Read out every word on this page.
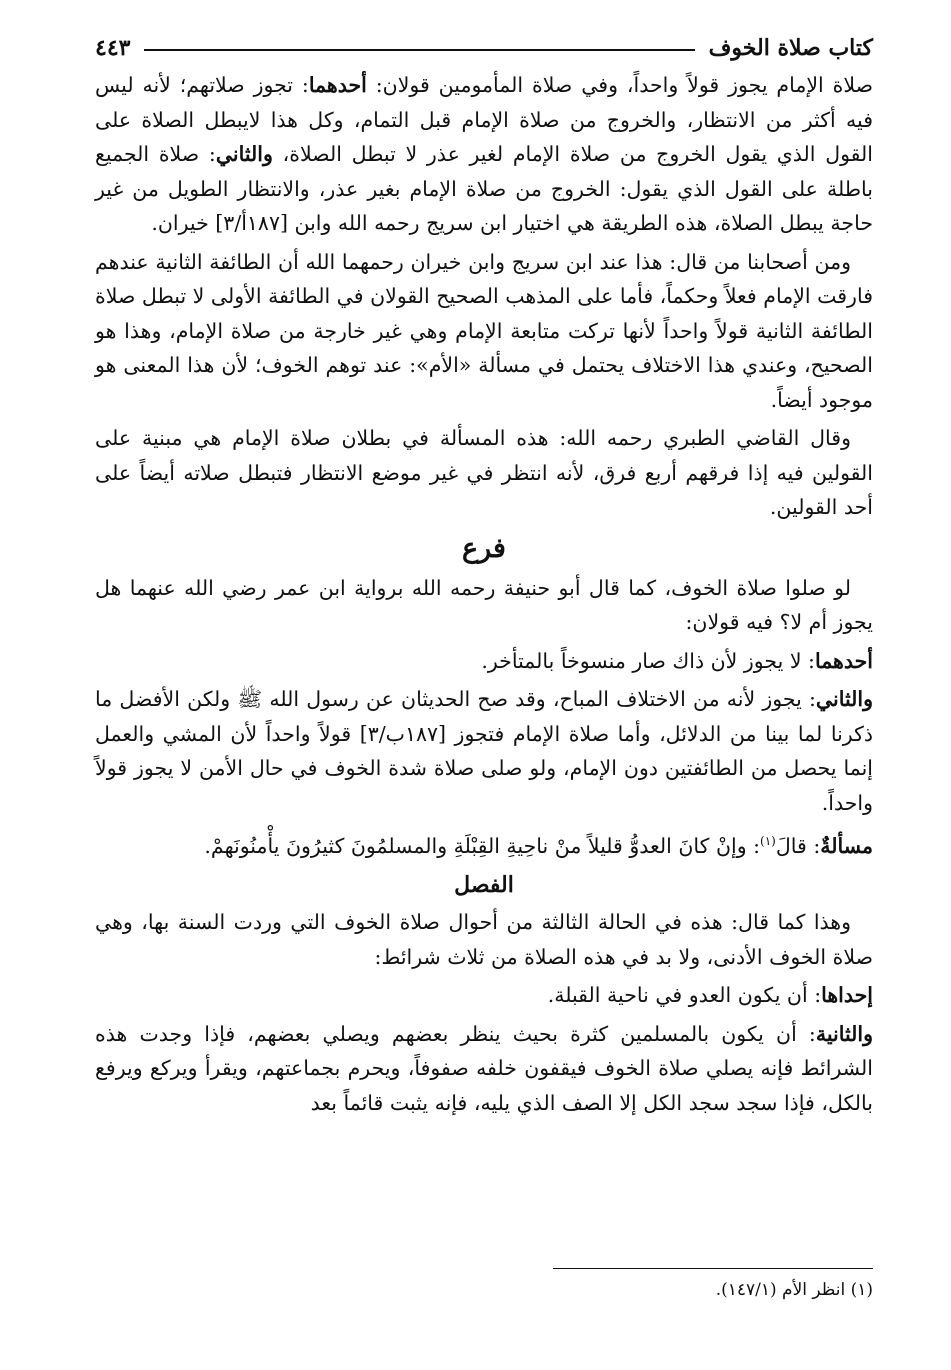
كتاب صلاة الخوف
٤٤٣

صلاة الإمام يجوز قولاً واحداً، وفي صلاة المأمومين قولان: أحدهما: تجوز صلاتهم؛ لأنه ليس فيه أكثر من الانتظار، والخروج من صلاة الإمام قبل التمام، وكل هذا لايبطل الصلاة على القول الذي يقول الخروج من صلاة الإمام لغير عذر لا تبطل الصلاة، والثاني: صلاة الجميع باطلة على القول الذي يقول: الخروج من صلاة الإمام بغير عذر، والانتظار الطويل من غير حاجة يبطل الصلاة، هذه الطريقة هي اختيار ابن سريج رحمه الله وابن [١٨٧أ/٣] خيران.

ومن أصحابنا من قال: هذا عند ابن سريج وابن خيران رحمهما الله أن الطائفة الثانية عندهم فارقت الإمام فعلاً وحكماً، فأما على المذهب الصحيح القولان في الطائفة الأولى لا تبطل صلاة الطائفة الثانية قولاً واحداً لأنها تركت متابعة الإمام وهي غير خارجة من صلاة الإمام، وهذا هو الصحيح، وعندي هذا الاختلاف يحتمل في مسألة «الأم»: عند توهم الخوف؛ لأن هذا المعنى هو موجود أيضاً.

وقال القاضي الطبري رحمه الله: هذه المسألة في بطلان صلاة الإمام هي مبنية على القولين فيه إذا فرقهم أربع فرق، لأنه انتظر في غير موضع الانتظار فتبطل صلاته أيضاً على أحد القولين.

فرع

لو صلوا صلاة الخوف، كما قال أبو حنيفة رحمه الله برواية ابن عمر رضي الله عنهما هل يجوز أم لا؟ فيه قولان:

أحدهما: لا يجوز لأن ذاك صار منسوخاً بالمتأخر.

والثاني: يجوز لأنه من الاختلاف المباح، وقد صح الحديثان عن رسول الله ﷺ ولكن الأفضل ما ذكرنا لما بينا من الدلائل، وأما صلاة الإمام فتجوز [١٨٧ب/٣] قولاً واحداً لأن المشي والعمل إنما يحصل من الطائفتين دون الإمام، ولو صلى صلاة شدة الخوف في حال الأمن لا يجوز قولاً واحداً.

مسألةٌ: قالَ$^{(١)}$: وإنْ كانَ العدوُّ قليلاً منْ ناحِيةِ القِبْلَةِ والمسلمُونَ كثيرُونَ يأْمنُونَهمْ.

الفصل

وهذا كما قال: هذه في الحالة الثالثة من أحوال صلاة الخوف التي وردت السنة بها، وهي صلاة الخوف الأدنى، ولا بد في هذه الصلاة من ثلاث شرائط:

إحداها: أن يكون العدو في ناحية القبلة.

والثانية: أن يكون بالمسلمين كثرة بحيث ينظر بعضهم ويصلي بعضهم، فإذا وجدت هذه الشرائط فإنه يصلي صلاة الخوف فيقفون خلفه صفوفاً، ويحرم بجماعتهم، ويقرأ ويركع ويرفع بالكل، فإذا سجد سجد الكل إلا الصف الذي يليه، فإنه يثبت قائماً بعد

(١) انظر الأم (١٤٧/١).
